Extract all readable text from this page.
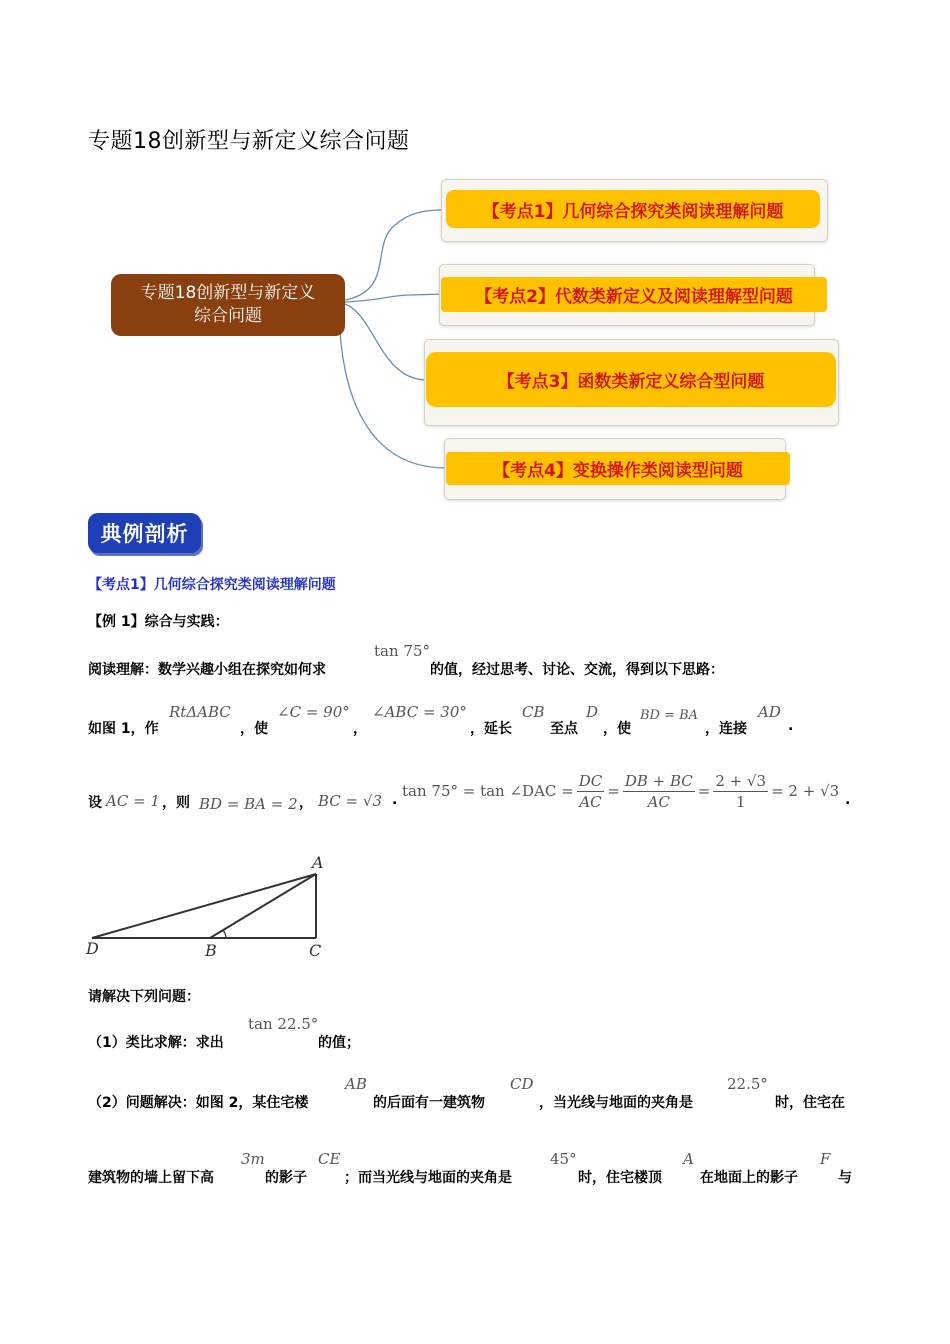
专题18创新型与新定义综合问题
专题18创新型与新定义
综合问题
【考点1】几何综合探究类阅读理解问题
【考点2】代数类新定义及阅读理解型问题
【考点3】函数类新定义综合型问题
【考点4】变换操作类阅读型问题
典例剖析
【考点1】几何综合探究类阅读理解问题
【例 1】综合与实践：
阅读理解：数学兴趣小组在探究如何求
tan 75°
的值，经过思考、讨论、交流，得到以下思路：
如图 1，作
RtΔABC
，使
∠C = 90°
，
∠ABC = 30°
，延长
CB
至点
D
，使
BD = BA
，连接
AD
.
设 AC = 1 ，则 BD = BA = 2 ， BC = √3 . tan 75° = tan ∠DAC = $\frac{DC}{AC} = \frac{DB + BC}{AC} = \frac{2 + √3}{1} = 2 + √3$ .
A
B	C
D
请解决下列问题：
（1）类比求解：求出
tan 22.5°
的值；
（2）问题解决：如图 2，某住宅楼
AB
的后面有一建筑物
CD
，当光线与地面的夹角是
22.5°
时，住宅在
建筑物的墙上留下高
3m
的影子
CE
；而当光线与地面的夹角是
45°
时，住宅楼顶
A
在地面上的影子
F
与
